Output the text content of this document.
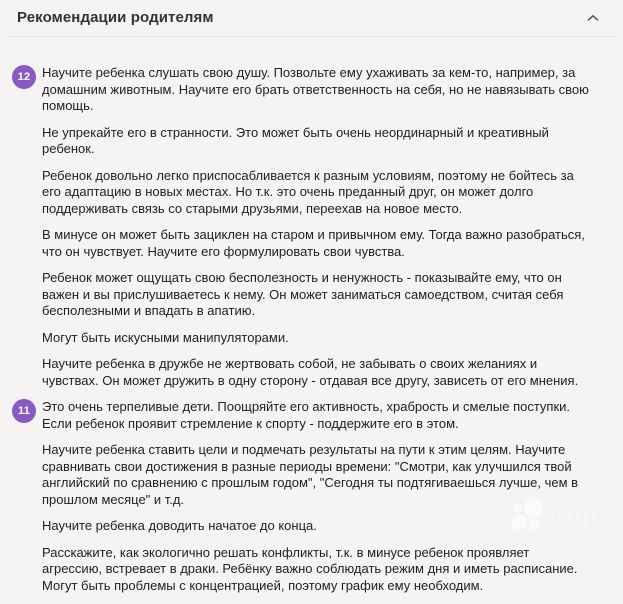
Рекомендации родителям
12 Научите ребенка слушать свою душу. Позвольте ему ухаживать за кем-то, например, за домашним животным. Научите его брать ответственность на себя, но не навязывать свою помощь.

Не упрекайте его в странности. Это может быть очень неординарный и креативный ребенок.

Ребенок довольно легко приспосабливается к разным условиям, поэтому не бойтесь за его адаптацию в новых местах. Но т.к. это очень преданный друг, он может долго поддерживать связь со старыми друзьями, переехав на новое место.

В минусе он может быть зациклен на старом и привычном ему. Тогда важно разобраться, что он чувствует. Научите его формулировать свои чувства.

Ребенок может ощущать свою бесполезность и ненужность - показывайте ему, что он важен и вы прислушиваетесь к нему. Он может заниматься самоедством, считая себя бесполезными и впадать в апатию.

Могут быть искусными манипуляторами.

Научите ребенка в дружбе не жертвовать собой, не забывать о своих желаниях и чувствах. Он может дружить в одну сторону - отдавая все другу, зависеть от его мнения.

11 Это очень терпеливые дети. Поощряйте его активность, храбрость и смелые поступки. Если ребенок проявит стремление к спорту - поддержите его в этом.

Научите ребенка ставить цели и подмечать результаты на пути к этим целям. Научите сравнивать свои достижения в разные периоды времени: "Смотри, как улучшился твой английский по сравнению с прошлым годом", "Сегодня ты подтягиваешься лучше, чем в прошлом месяце" и т.д.

Научите ребенка доводить начатое до конца.

Расскажите, как экологично решать конфликты, т.к. в минусе ребенок проявляет агрессию, встревает в драки. Ребёнку важно соблюдать режим дня и иметь расписание. Могут быть проблемы с концентрацией, поэтому график ему необходим.

Avito
